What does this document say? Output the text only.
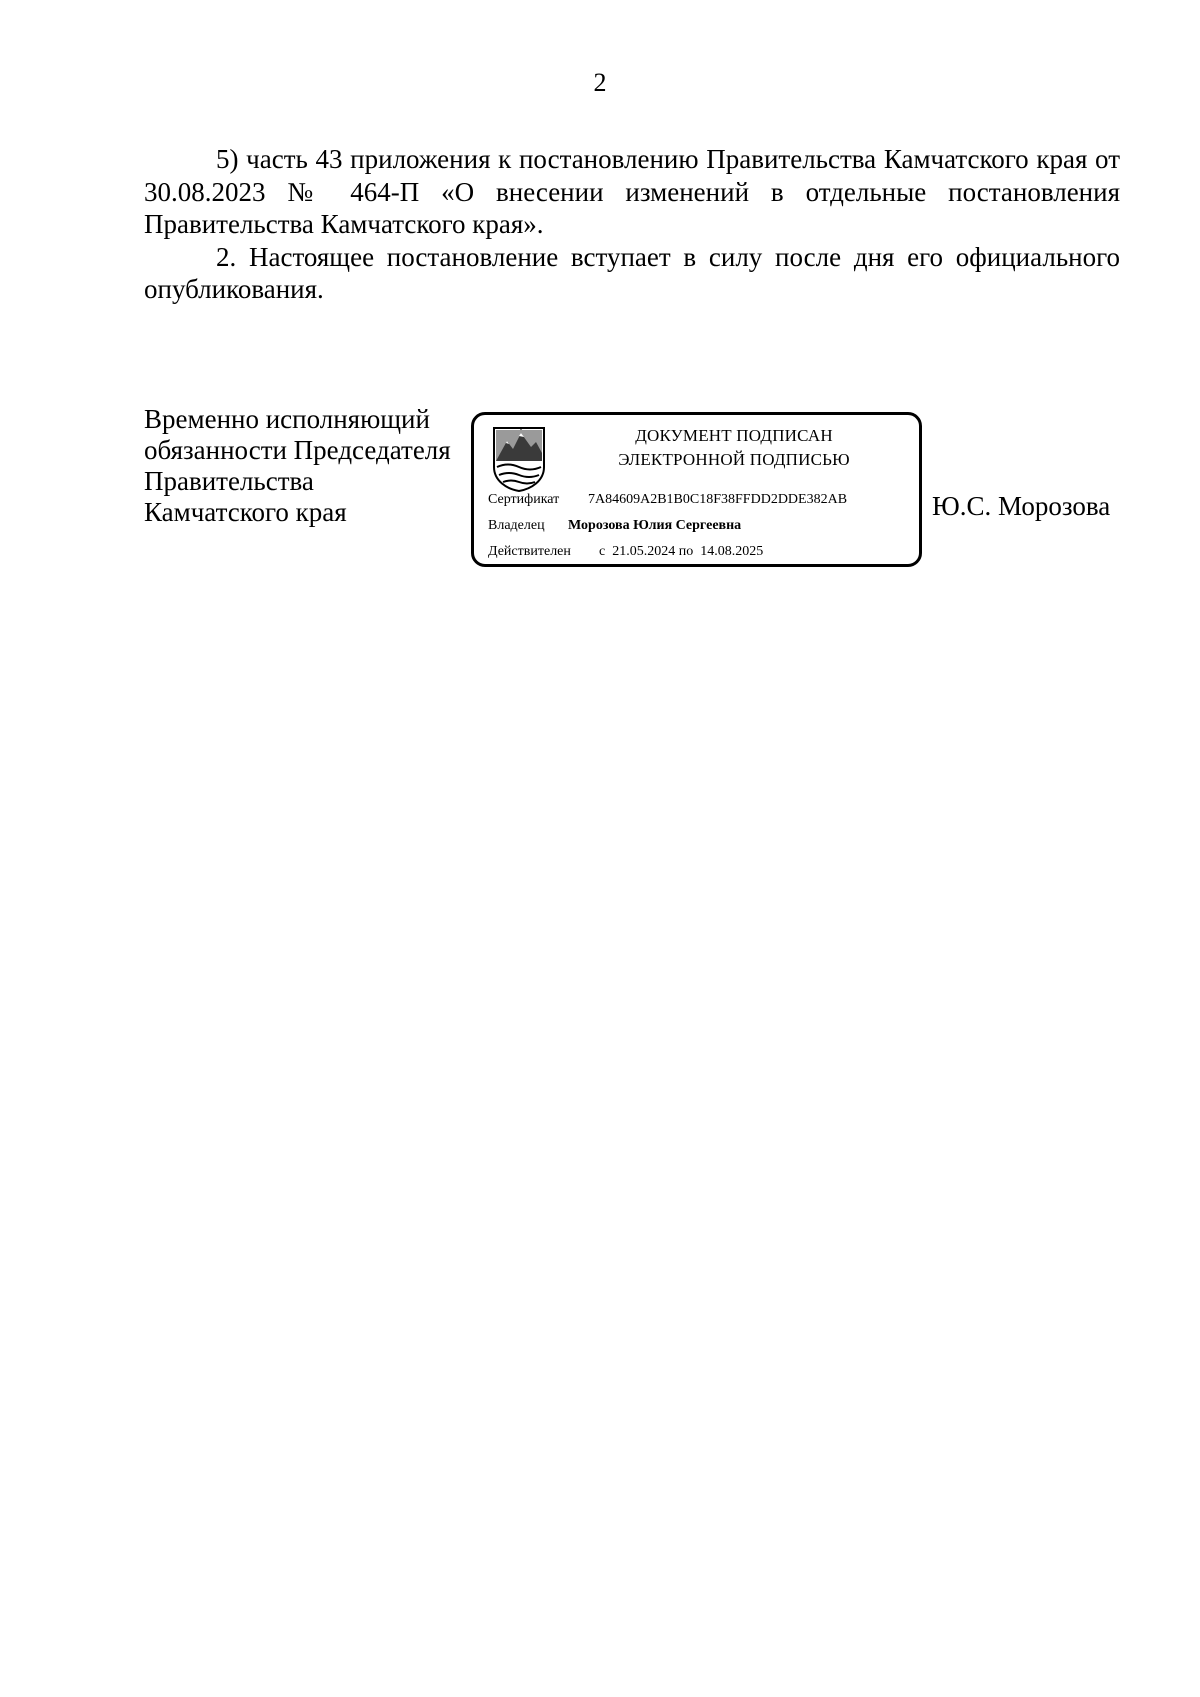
2

5) часть 43 приложения к постановлению Правительства Камчатского края от 30.08.2023 № 464-П «О внесении изменений в отдельные постановления Правительства Камчатского края».

2. Настоящее постановление вступает в силу после дня его официального опубликования.

Временно исполняющий
обязанности Председателя
Правительства
Камчатского края
ДОКУМЕНТ ПОДПИСАН
ЭЛЕКТРОННОЙ ПОДПИСЬЮ
Сертификат 7A84609A2B1B0C18F38FFDD2DDE382AB
Владелец Морозова Юлия Сергеевна
Действителен с  21.05.2024 по  14.08.2025
Ю.С. Морозова
